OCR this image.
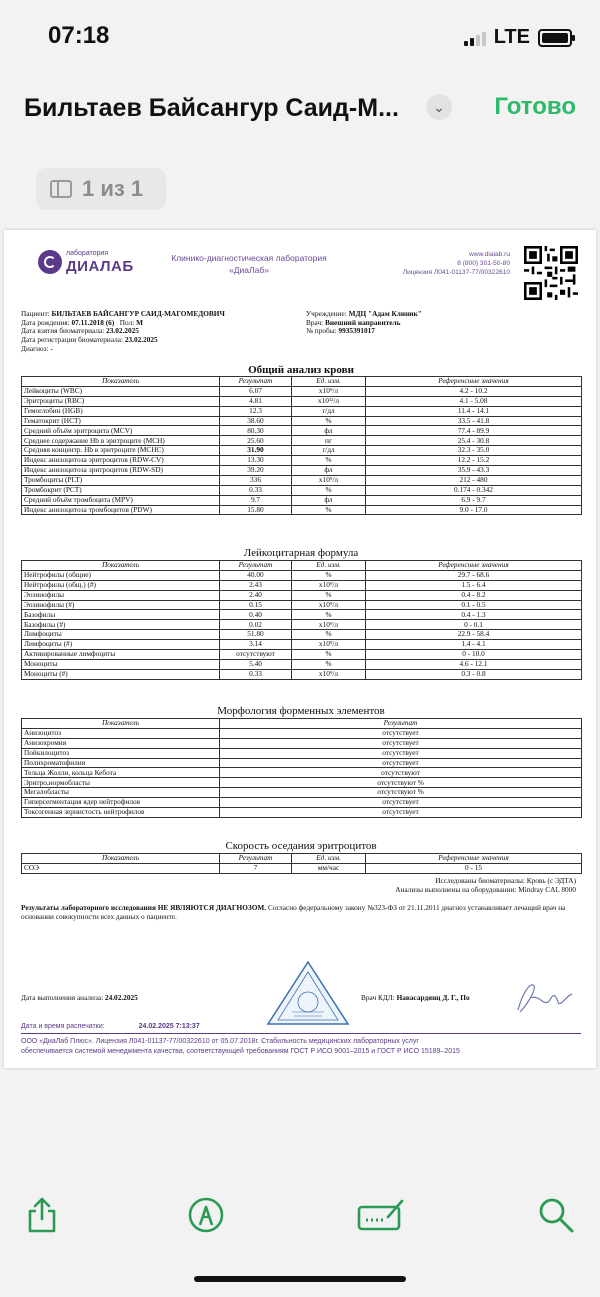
07:18	LTE
Бильтаев Байсангур Саид-М...	⌄ Готово
1 из 1
лаборатория
ДИАЛАБ	Клинико-диагностическая лаборатория
«ДиаЛаб»
www.dialab.ru
8 (800) 301-50-80
Лицензия Л041-01137-77/00322610
Пациент: БИЛЬТАЕВ БАЙСАНГУР САИД-МАГОМЕДОВИЧ
Дата рождения: 07.11.2018 (6)   Пол: М
Дата взятия биоматериала: 23.02.2025
Дата регистрации биоматериала: 23.02.2025
Диагноз: -
Учреждение: МДЦ "Адам Клиник"
Врач: Внешний направитель
№ пробы: 9935391017
Общий анализ крови
Показатель	Результат	Ед. изм.	Референсные значения
Лейкоциты (WBC)	6.07	х10⁹/л	4.2 - 10.2
Эритроциты (RBC)	4.81	х10¹²/л	4.1 - 5.08
Гемоглобин (HGB)	12.3	г/дл	11.4 - 14.1
Гематокрит (HCT)	38.60	%	33.5 - 41.8
Средний объём эритроцита (MCV)	80.30	фл	77.4 - 89.9
Среднее содержание Hb в эритроците (MCH)	25.60	пг	25.4 - 30.8
Средняя концентр. Hb в эритроците (MCHC)	31.90	г/дл	32.3 - 35.0
Индекс анизоцитоза эритроцитов (RDW-CV)	13.30	%	12.2 - 15.2
Индекс анизоцитоза эритроцитов (RDW-SD)	39.20	фл	35.9 - 43.3
Тромбоциты (PLT)	336	х10⁹/л	212 - 480
Тромбокрит (PCT)	0.33	%	0.174 - 0.342
Средний объём тромбоцита (MPV)	9.7	фл	6.9 - 9.7
Индекс анизоцитоза тромбоцитов (PDW)	15.80	%	9.0 - 17.0
Лейкоцитарная формула
Показатель	Результат	Ед. изм.	Референсные значения
Нейтрофилы (общие)	40.00	%	29.7 - 68.6
Нейтрофилы (общ.) (#)	2.43	х10⁹/л	1.5 - 6.4
Эозинофилы	2.40	%	0.4 - 8.2
Эозинофилы (#)	0.15	х10⁹/л	0.1 - 0.5
Базофилы	0.40	%	0.4 - 1.3
Базофилы (#)	0.02	х10⁹/л	0 - 0.1
Лимфоциты	51.80	%	22.9 - 58.4
Лимфоциты (#)	3.14	х10⁹/л	1.4 - 4.1
Активированные лимфоциты	отсутствуют	%	0 - 10.0
Моноциты	5.40	%	4.6 - 12.1
Моноциты (#)	0.33	х10⁹/л	0.3 - 0.8
Морфология форменных элементов
Показатель	Результат
Анизоцитоз	отсутствует
Анизохромия	отсутствует
Пойкилоцитоз	отсутствует
Полихроматофилия	отсутствует
Тельца Жолли, кольца Кебота	отсутствуют
Эритро,нормобласты	отсутствуют %
Мегалобласты	отсутствуют %
Гиперсегментация ядер нейтрофилов	отсутствует
Токсогенная зернистость нейтрофилов	отсутствует
Скорость оседания эритроцитов
Показатель	Результат	Ед. изм.	Референсные значения
СОЭ	7	мм/час	0 - 15
Исследованы биоматериалы: Кровь (с ЭДТА)
Анализы выполнены на оборудовании: Mindray CAL 8000
Результаты лабораторного исследования НЕ ЯВЛЯЮТСЯ ДИАГНОЗОМ. Согласно федеральному закону №323-ФЗ от 21.11.2011 диагноз устанавливает лечащий врач на основании совокупности всех данных о пациенте.
Дата выполнения анализа: 24.02.2025	Врач КДЛ: Навасардянц Д. Г., По
Дата и время распечатки:	24.02.2025 7:13:37
ООО «ДиаЛаб Плюс». Лицензия Л041-01137-77/00322610 от 05.07.2018г. Стабильность медицинских лабораторных услуг
обеспечивается системой менеджмента качества, соответствующей требованиям ГОСТ Р ИСО 9001–2015 и ГОСТ Р ИСО 15189–2015
